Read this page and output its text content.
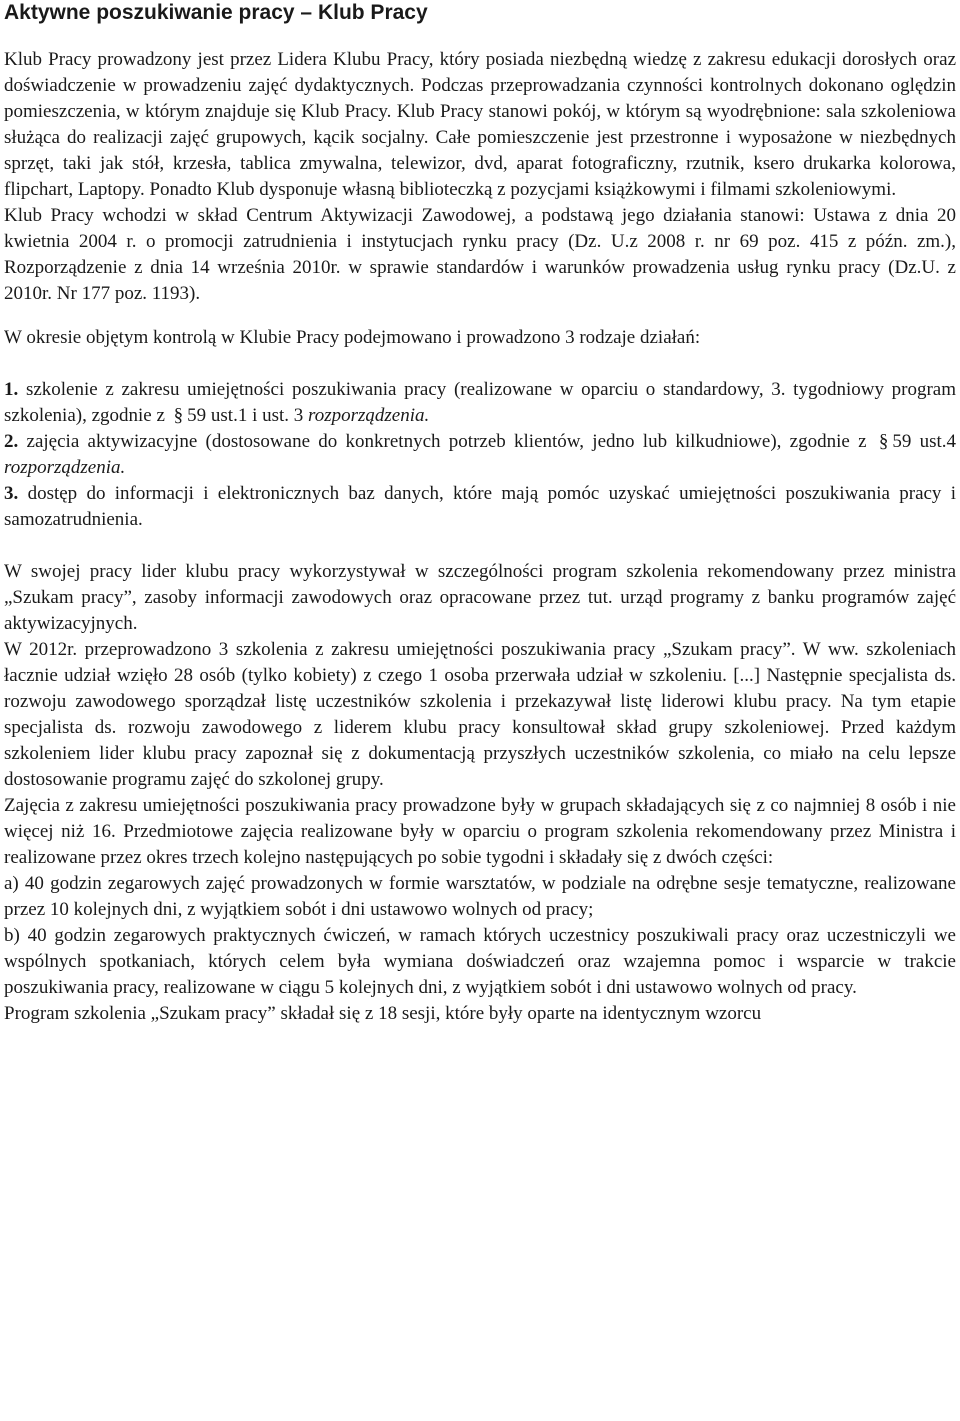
Aktywne poszukiwanie pracy – Klub Pracy

Klub Pracy prowadzony jest przez Lidera Klubu Pracy, który posiada niezbędną wiedzę z zakresu edukacji dorosłych oraz doświadczenie w prowadzeniu zajęć dydaktycznych. Podczas przeprowadzania czynności kontrolnych dokonano oględzin pomieszczenia, w którym znajduje się Klub Pracy. Klub Pracy stanowi pokój, w którym są wyodrębnione: sala szkoleniowa służąca do realizacji zajęć grupowych, kącik socjalny. Całe pomieszczenie jest przestronne i wyposażone w niezbędnych sprzęt, taki jak stół, krzesła, tablica zmywalna, telewizor, dvd, aparat fotograficzny, rzutnik, ksero drukarka kolorowa, flipchart, Laptopy. Ponadto Klub dysponuje własną biblioteczką z pozycjami książkowymi i filmami szkoleniowymi.

Klub Pracy wchodzi w skład Centrum Aktywizacji Zawodowej, a podstawą jego działania stanowi: Ustawa z dnia 20 kwietnia 2004 r. o promocji zatrudnienia i instytucjach rynku pracy (Dz. U.z 2008 r. nr 69 poz. 415 z późn. zm.), Rozporządzenie z dnia 14 września 2010r. w sprawie standardów i warunków prowadzenia usług rynku pracy (Dz.U. z 2010r. Nr 177 poz. 1193).

W okresie objętym kontrolą w Klubie Pracy podejmowano i prowadzono 3 rodzaje działań:

1. szkolenie z zakresu umiejętności poszukiwania pracy (realizowane w oparciu o standardowy, 3. tygodniowy program szkolenia), zgodnie z § 59 ust.1 i ust. 3 rozporządzenia.

2. zajęcia aktywizacyjne (dostosowane do konkretnych potrzeb klientów, jedno lub kilkudniowe), zgodnie z § 59 ust.4 rozporządzenia.

3. dostęp do informacji i elektronicznych baz danych, które mają pomóc uzyskać umiejętności poszukiwania pracy i samozatrudnienia.

W swojej pracy lider klubu pracy wykorzystywał w szczególności program szkolenia rekomendowany przez ministra „Szukam pracy”, zasoby informacji zawodowych oraz opracowane przez tut. urząd programy z banku programów zajęć aktywizacyjnych.

W 2012r. przeprowadzono 3 szkolenia z zakresu umiejętności poszukiwania pracy „Szukam pracy”. W ww. szkoleniach łacznie udział wzięło 28 osób (tylko kobiety) z czego 1 osoba przerwała udział w szkoleniu. [...] Następnie specjalista ds. rozwoju zawodowego sporządzał listę uczestników szkolenia i przekazywał listę liderowi klubu pracy. Na tym etapie specjalista ds. rozwoju zawodowego z liderem klubu pracy konsultował skład grupy szkoleniowej. Przed każdym szkoleniem lider klubu pracy zapoznał się z dokumentacją przyszłych uczestników szkolenia, co miało na celu lepsze dostosowanie programu zajęć do szkolonej grupy.

Zajęcia z zakresu umiejętności poszukiwania pracy prowadzone były w grupach składających się z co najmniej 8 osób i nie więcej niż 16. Przedmiotowe zajęcia realizowane były w oparciu o program szkolenia rekomendowany przez Ministra i realizowane przez okres trzech kolejno następujących po sobie tygodni i składały się z dwóch części:

a) 40 godzin zegarowych zajęć prowadzonych w formie warsztatów, w podziale na odrębne sesje tematyczne, realizowane przez 10 kolejnych dni, z wyjątkiem sobót i dni ustawowo wolnych od pracy;

b) 40 godzin zegarowych praktycznych ćwiczeń, w ramach których uczestnicy poszukiwali pracy oraz uczestniczyli we wspólnych spotkaniach, których celem była wymiana doświadczeń oraz wzajemna pomoc i wsparcie w trakcie poszukiwania pracy, realizowane w ciągu 5 kolejnych dni, z wyjątkiem sobót i dni ustawowo wolnych od pracy.

Program szkolenia „Szukam pracy” składał się z 18 sesji, które były oparte na identycznym wzorcu
